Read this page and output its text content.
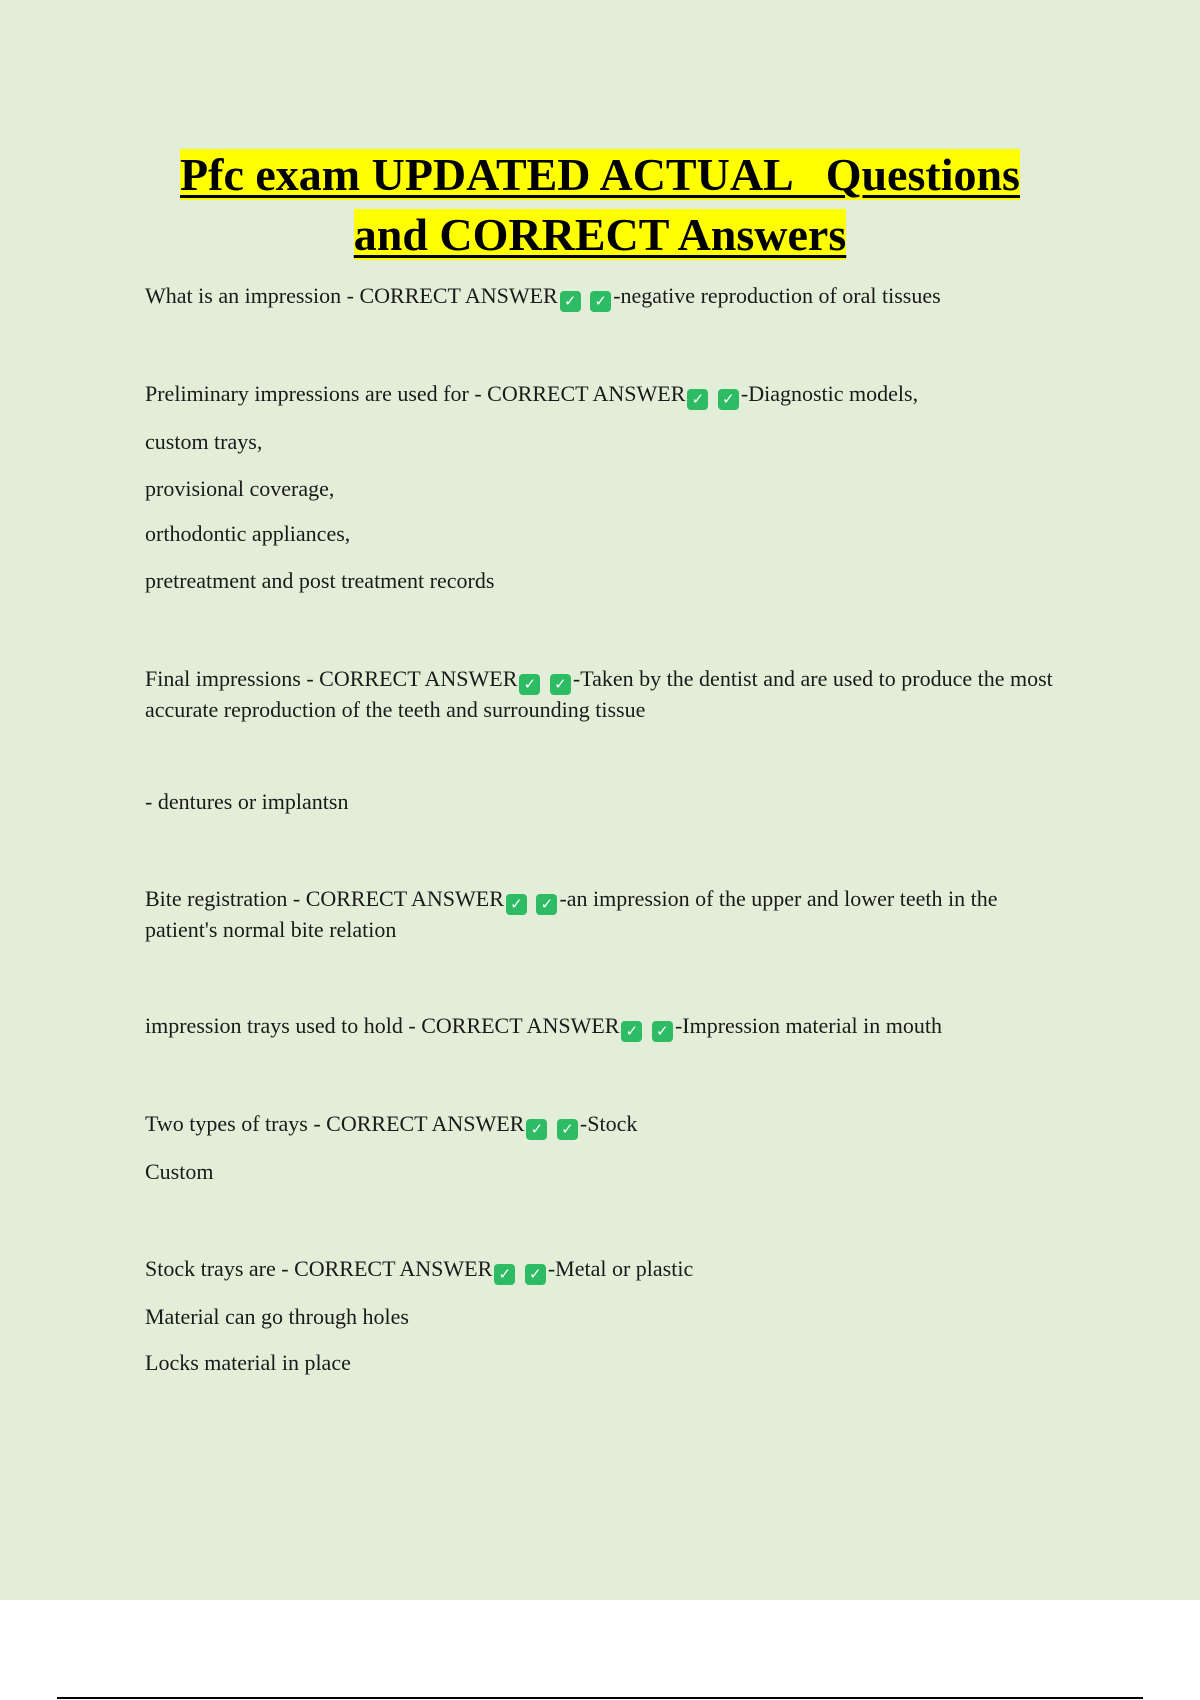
Pfc exam UPDATED ACTUAL   Questions
and CORRECT Answers

What is an impression - CORRECT ANSWER ✓ ✓ -negative reproduction of oral tissues

Preliminary impressions are used for - CORRECT ANSWER ✓ ✓ -Diagnostic models,
custom trays,
provisional coverage,
orthodontic appliances,
pretreatment and post treatment records

Final impressions - CORRECT ANSWER ✓ ✓ -Taken by the dentist and are used to produce the most accurate reproduction of the teeth and surrounding tissue

- dentures or implantsn

Bite registration - CORRECT ANSWER ✓ ✓ -an impression of the upper and lower teeth in the patient's normal bite relation

impression trays used to hold - CORRECT ANSWER ✓ ✓ -Impression material in mouth

Two types of trays - CORRECT ANSWER ✓ ✓ -Stock
Custom

Stock trays are - CORRECT ANSWER ✓ ✓ -Metal or plastic
Material can go through holes
Locks material in place
